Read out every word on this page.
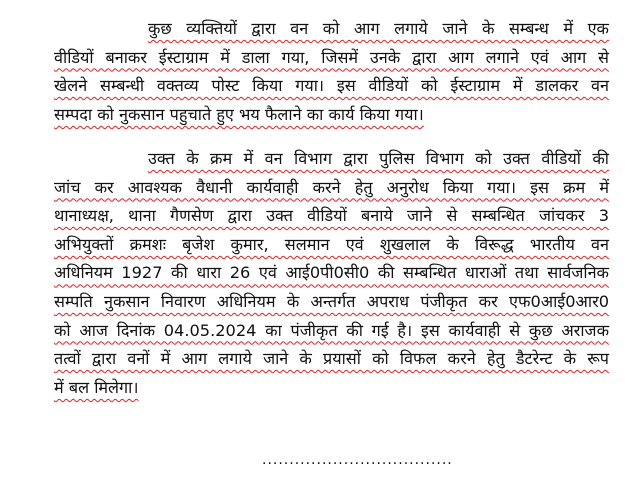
कुछ व्यक्तियों द्वारा वन को आग लगाये जाने के सम्बन्ध में एक
वीडियों बनाकर ईस्टाग्राम में डाला गया, जिसमें उनके द्वारा आग लगाने एवं आग से
खेलने सम्बन्धी वक्तव्य पोस्ट किया गया। इस वीडियों को ईस्टाग्राम में डालकर वन
सम्पदा को नुकसान पहुचाते हुए भय फैलाने का कार्य किया गया।
उक्त के क्रम में वन विभाग द्वारा पुलिस विभाग को उक्त वीडियों की
जांच कर आवश्यक वैधानी कार्यवाही करने हेतु अनुरोध किया गया। इस क्रम में
थानाध्यक्ष, थाना गैणसेण द्वारा उक्त वीडियों बनाये जाने से सम्बन्धित जांचकर 3
अभियुक्तों क्रमशः बृजेश कुमार, सलमान एवं शुखलाल के विरूद्ध भारतीय वन
अधिनियम 1927 की धारा 26 एवं आई0पी0सी0 की सम्बन्धित धाराओं तथा सार्वजनिक
सम्पति नुकसान निवारण अधिनियम के अन्तर्गत अपराध पंजीकृत कर एफ0आई0आर0
को आज दिनांक 04.05.2024 का पंजीकृत की गई है। इस कार्यवाही से कुछ अराजक
तत्वों द्वारा वनों में आग लगाये जाने के प्रयासों को विफल करने हेतु डैटरेन्ट के रूप
में बल मिलेगा।
...................................
